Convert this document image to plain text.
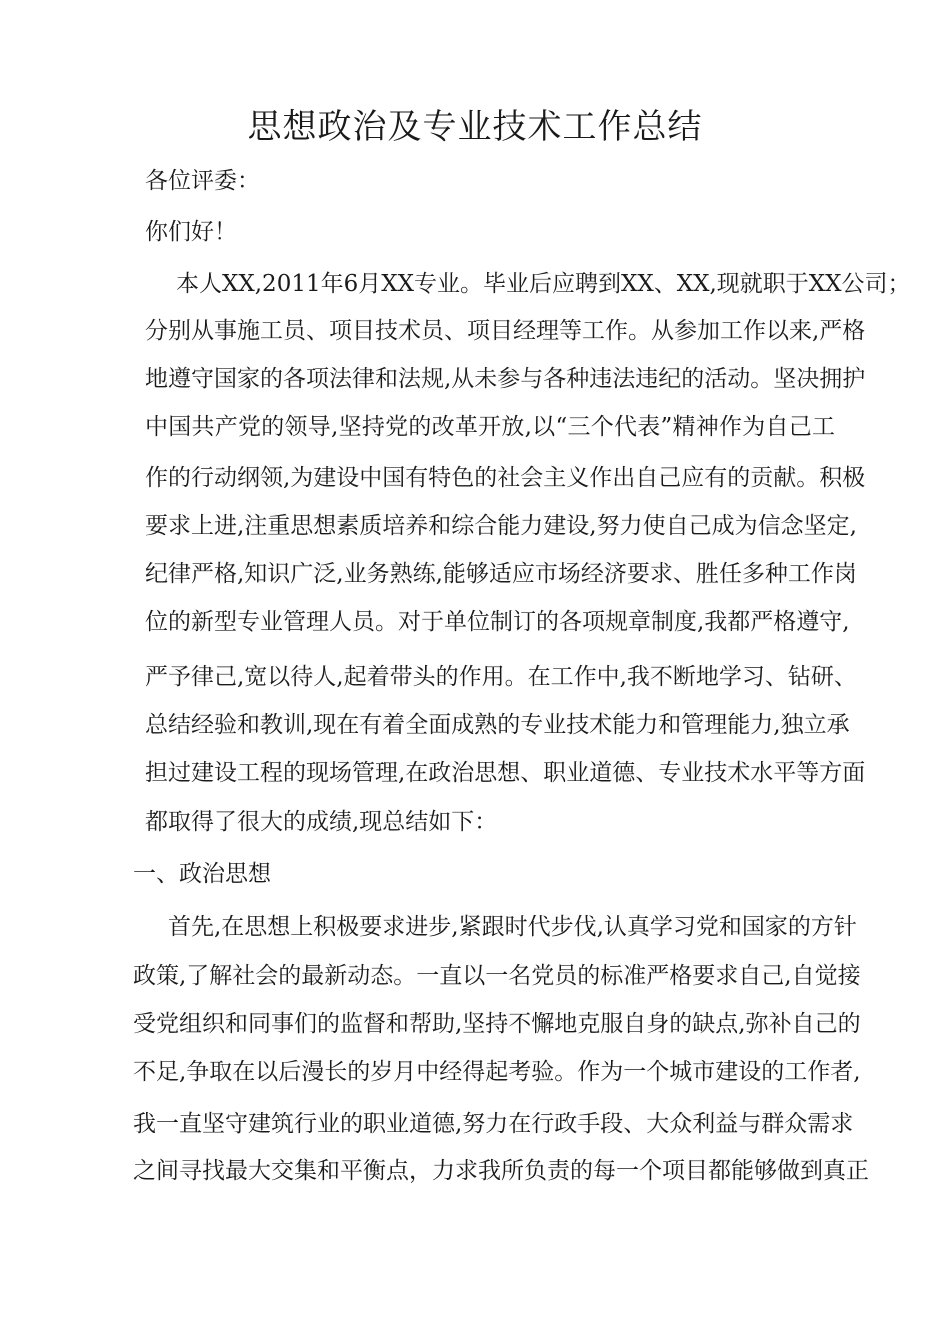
思想政治及专业技术工作总结
各位评委：
你们好！
本人XX,2011年6月XX专业。毕业后应聘到XX、XX,现就职于XX公司；
分别从事施工员、项目技术员、项目经理等工作。从参加工作以来,严格
地遵守国家的各项法律和法规,从未参与各种违法违纪的活动。坚决拥护
中国共产党的领导,坚持党的改革开放,以“三个代表”精神作为自己工
作的行动纲领,为建设中国有特色的社会主义作出自己应有的贡献。积极
要求上进,注重思想素质培养和综合能力建设,努力使自己成为信念坚定,
纪律严格,知识广泛,业务熟练,能够适应市场经济要求、胜任多种工作岗
位的新型专业管理人员。对于单位制订的各项规章制度,我都严格遵守,
严予律己,宽以待人,起着带头的作用。在工作中,我不断地学习、钻研、
总结经验和教训,现在有着全面成熟的专业技术能力和管理能力,独立承
担过建设工程的现场管理,在政治思想、职业道德、专业技术水平等方面
都取得了很大的成绩,现总结如下：
一、政治思想
首先,在思想上积极要求进步,紧跟时代步伐,认真学习党和国家的方针
政策,了解社会的最新动态。一直以一名党员的标准严格要求自己,自觉接
受党组织和同事们的监督和帮助,坚持不懈地克服自身的缺点,弥补自己的
不足,争取在以后漫长的岁月中经得起考验。作为一个城市建设的工作者,
我一直坚守建筑行业的职业道德,努力在行政手段、大众利益与群众需求
之间寻找最大交集和平衡点，力求我所负责的每一个项目都能够做到真正
